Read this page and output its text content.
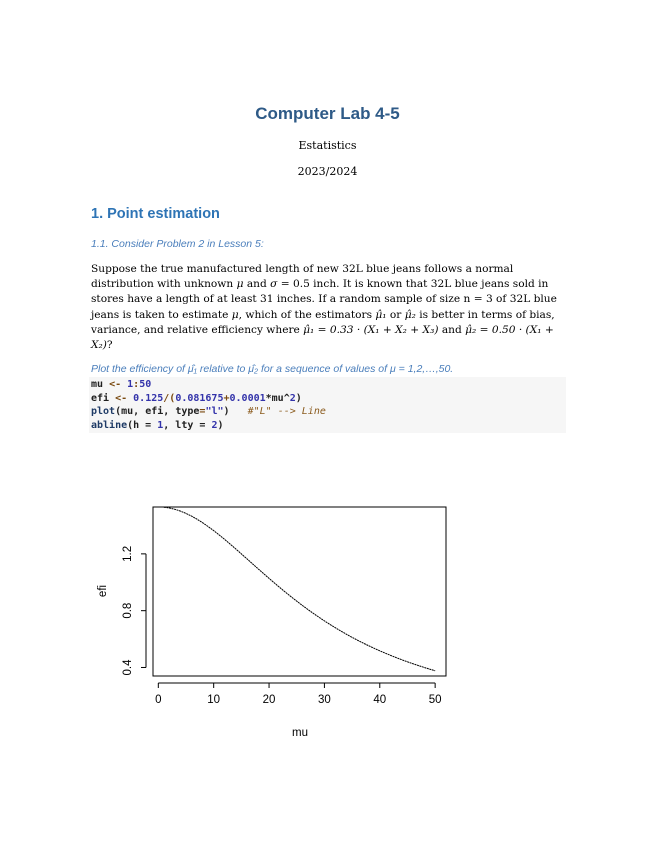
Computer Lab 4-5
Estatistics
2023/2024
1. Point estimation
1.1. Consider Problem 2 in Lesson 5:
Suppose the true manufactured length of new 32L blue jeans follows a normal distribution with unknown μ and σ = 0.5 inch. It is known that 32L blue jeans sold in stores have a length of at least 31 inches. If a random sample of size n = 3 of 32L blue jeans is taken to estimate μ, which of the estimators μ̂₁ or μ̂₂ is better in terms of bias, variance, and relative efficiency where μ̂₁ = 0.33 · (X₁ + X₂ + X₃) and μ̂₂ = 0.50 · (X₁ + X₂)?
Plot the efficiency of μ̂₁ relative to μ̂₂ for a sequence of values of μ = 1,2,…,50.
mu <- 1:50
efi <- 0.125/(0.081675+0.0001*mu^2)
plot(mu, efi, type="l")   #"L" --> Line
abline(h = 1, lty = 2)
0	10	20	30	40	50
0.4
0.8
1.2
mu
efi
